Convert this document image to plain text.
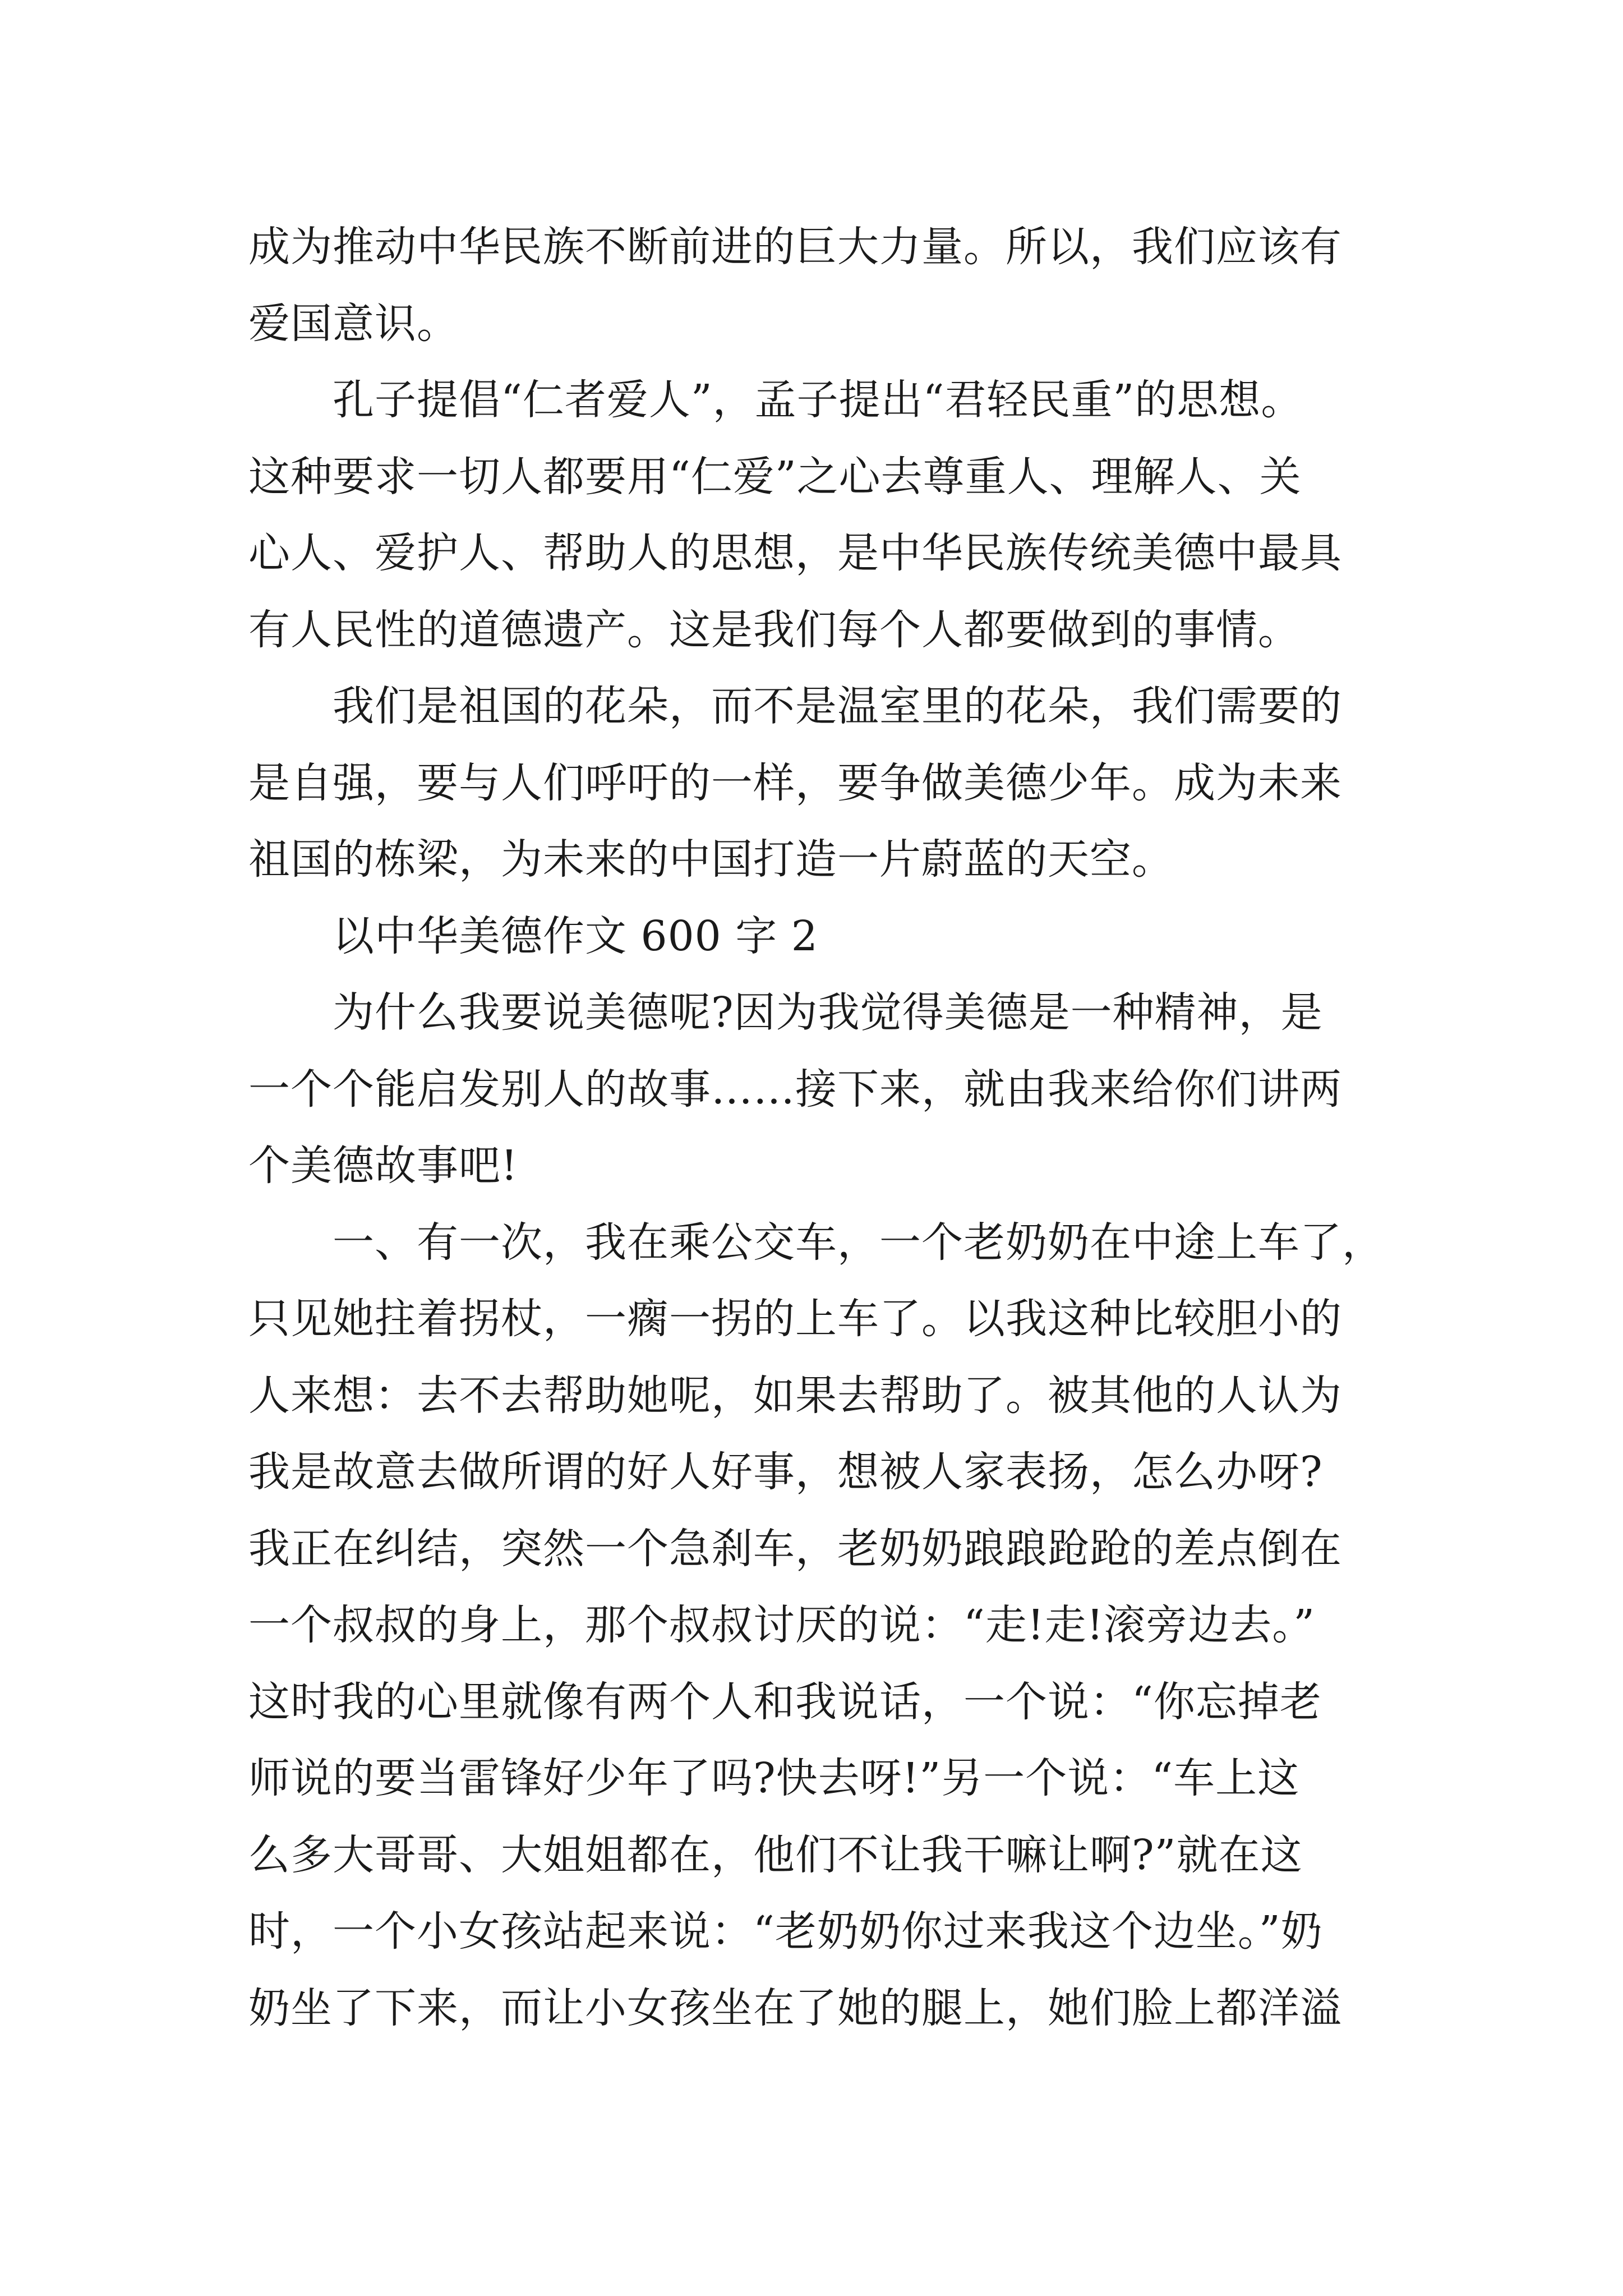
成为推动中华民族不断前进的巨大力量。所以，我们应该有
爱国意识。
孔子提倡“仁者爱人”，孟子提出“君轻民重”的思想。
这种要求一切人都要用“仁爱”之心去尊重人、理解人、关
心人、爱护人、帮助人的思想，是中华民族传统美德中最具
有人民性的道德遗产。这是我们每个人都要做到的事情。
我们是祖国的花朵，而不是温室里的花朵，我们需要的
是自强，要与人们呼吁的一样，要争做美德少年。成为未来
祖国的栋梁，为未来的中国打造一片蔚蓝的天空。
以中华美德作文 600 字 2
为什么我要说美德呢?因为我觉得美德是一种精神，是
一个个能启发别人的故事……接下来，就由我来给你们讲两
个美德故事吧!
一、有一次，我在乘公交车，一个老奶奶在中途上车了，
只见她拄着拐杖，一瘸一拐的上车了。以我这种比较胆小的
人来想：去不去帮助她呢，如果去帮助了。被其他的人认为
我是故意去做所谓的好人好事，想被人家表扬，怎么办呀?
我正在纠结，突然一个急刹车，老奶奶踉踉跄跄的差点倒在
一个叔叔的身上，那个叔叔讨厌的说：“走!走!滚旁边去。”
这时我的心里就像有两个人和我说话，一个说：“你忘掉老
师说的要当雷锋好少年了吗?快去呀!”另一个说：“车上这
么多大哥哥、大姐姐都在，他们不让我干嘛让啊?”就在这
时，一个小女孩站起来说：“老奶奶你过来我这个边坐。”奶
奶坐了下来，而让小女孩坐在了她的腿上，她们脸上都洋溢
